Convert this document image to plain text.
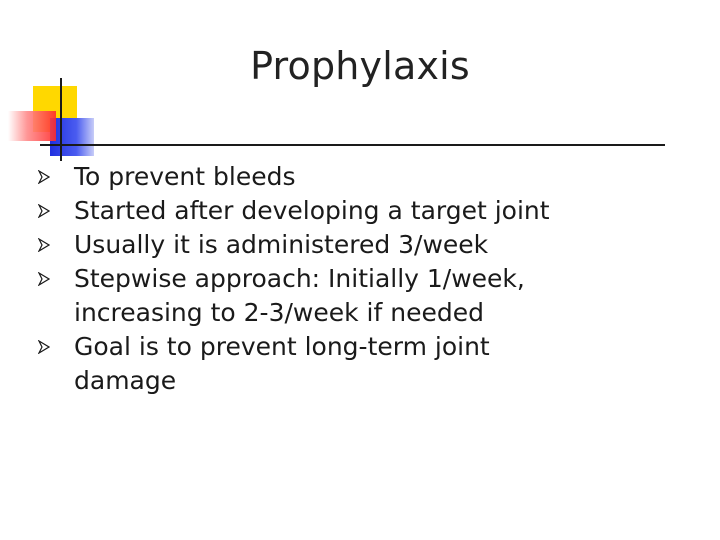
Prophylaxis
To prevent bleeds
Started after developing a target joint
Usually it is administered 3/week
Stepwise approach: Initially 1/week,
increasing to 2-3/week if needed
Goal is to prevent long-term joint
damage
